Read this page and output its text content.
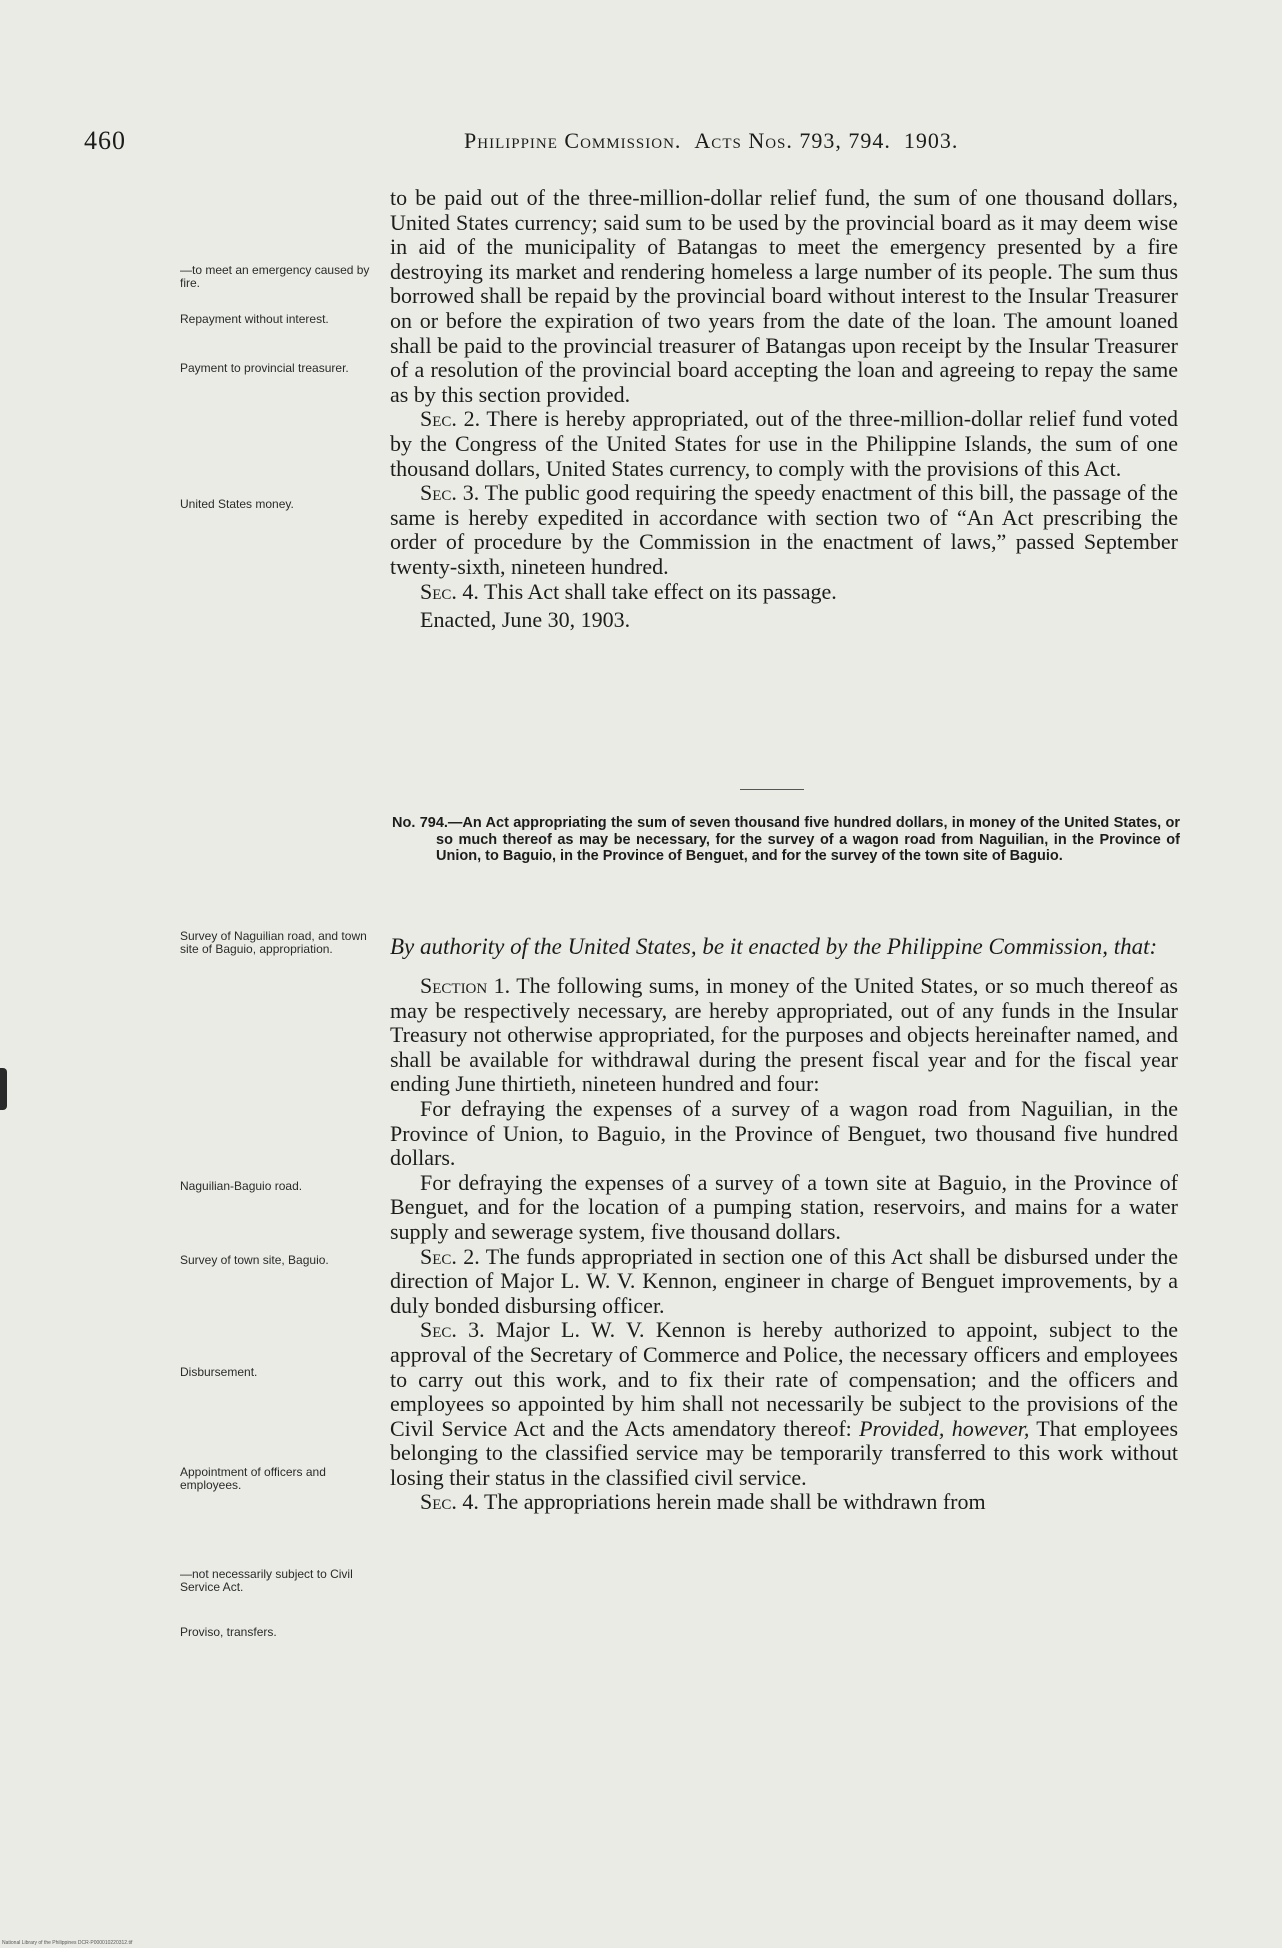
460	Philippine Commission. Acts Nos. 793, 794. 1903.

to be paid out of the three-million-dollar relief fund, the sum of one thousand dollars, United States currency; said sum to be used by the provincial board as it may deem wise in aid of the municipality of Batangas to meet the emergency presented by a fire destroying its market and rendering homeless a large number of its people. The sum thus borrowed shall be repaid by the provincial board without interest to the Insular Treasurer on or before the expiration of two years from the date of the loan. The amount loaned shall be paid to the provincial treasurer of Batangas upon receipt by the Insular Treasurer of a resolution of the provincial board accepting the loan and agreeing to repay the same as by this section provided.

Sec. 2. There is hereby appropriated, out of the three-million-dollar relief fund voted by the Congress of the United States for use in the Philippine Islands, the sum of one thousand dollars, United States currency, to comply with the provisions of this Act.

Sec. 3. The public good requiring the speedy enactment of this bill, the passage of the same is hereby expedited in accordance with section two of “An Act prescribing the order of procedure by the Commission in the enactment of laws,” passed September twenty-sixth, nineteen hundred.

Sec. 4. This Act shall take effect on its passage.

Enacted, June 30, 1903.

No. 794.—An Act appropriating the sum of seven thousand five hundred dollars, in money of the United States, or so much thereof as may be necessary, for the survey of a wagon road from Naguilian, in the Province of Union, to Baguio, in the Province of Benguet, and for the survey of the town site of Baguio.

By authority of the United States, be it enacted by the Philippine Commission, that:

Section 1. The following sums, in money of the United States, or so much thereof as may be respectively necessary, are hereby appropriated, out of any funds in the Insular Treasury not otherwise appropriated, for the purposes and objects hereinafter named, and shall be available for withdrawal during the present fiscal year and for the fiscal year ending June thirtieth, nineteen hundred and four:

For defraying the expenses of a survey of a wagon road from Naguilian, in the Province of Union, to Baguio, in the Province of Benguet, two thousand five hundred dollars.

For defraying the expenses of a survey of a town site at Baguio, in the Province of Benguet, and for the location of a pumping station, reservoirs, and mains for a water supply and sewerage system, five thousand dollars.

Sec. 2. The funds appropriated in section one of this Act shall be disbursed under the direction of Major L. W. V. Kennon, engineer in charge of Benguet improvements, by a duly bonded disbursing officer.

Sec. 3. Major L. W. V. Kennon is hereby authorized to appoint, subject to the approval of the Secretary of Commerce and Police, the necessary officers and employees to carry out this work, and to fix their rate of compensation; and the officers and employees so appointed by him shall not necessarily be subject to the provisions of the Civil Service Act and the Acts amendatory thereof: Provided, however, That employees belonging to the classified service may be temporarily transferred to this work without losing their status in the classified civil service.

Sec. 4. The appropriations herein made shall be withdrawn from

—to meet an emergency caused by fire.
Repayment without interest.
Payment to provincial treasurer.
United States money.
Survey of Naguilian road, and town site of Baguio, appropriation.
Naguilian-Baguio road.
Survey of town site, Baguio.
Disbursement.
Appointment of officers and employees.
—not necessarily subject to Civil Service Act.
Proviso, transfers.
National Library of the Philippines DCR·P000010220312.tif
